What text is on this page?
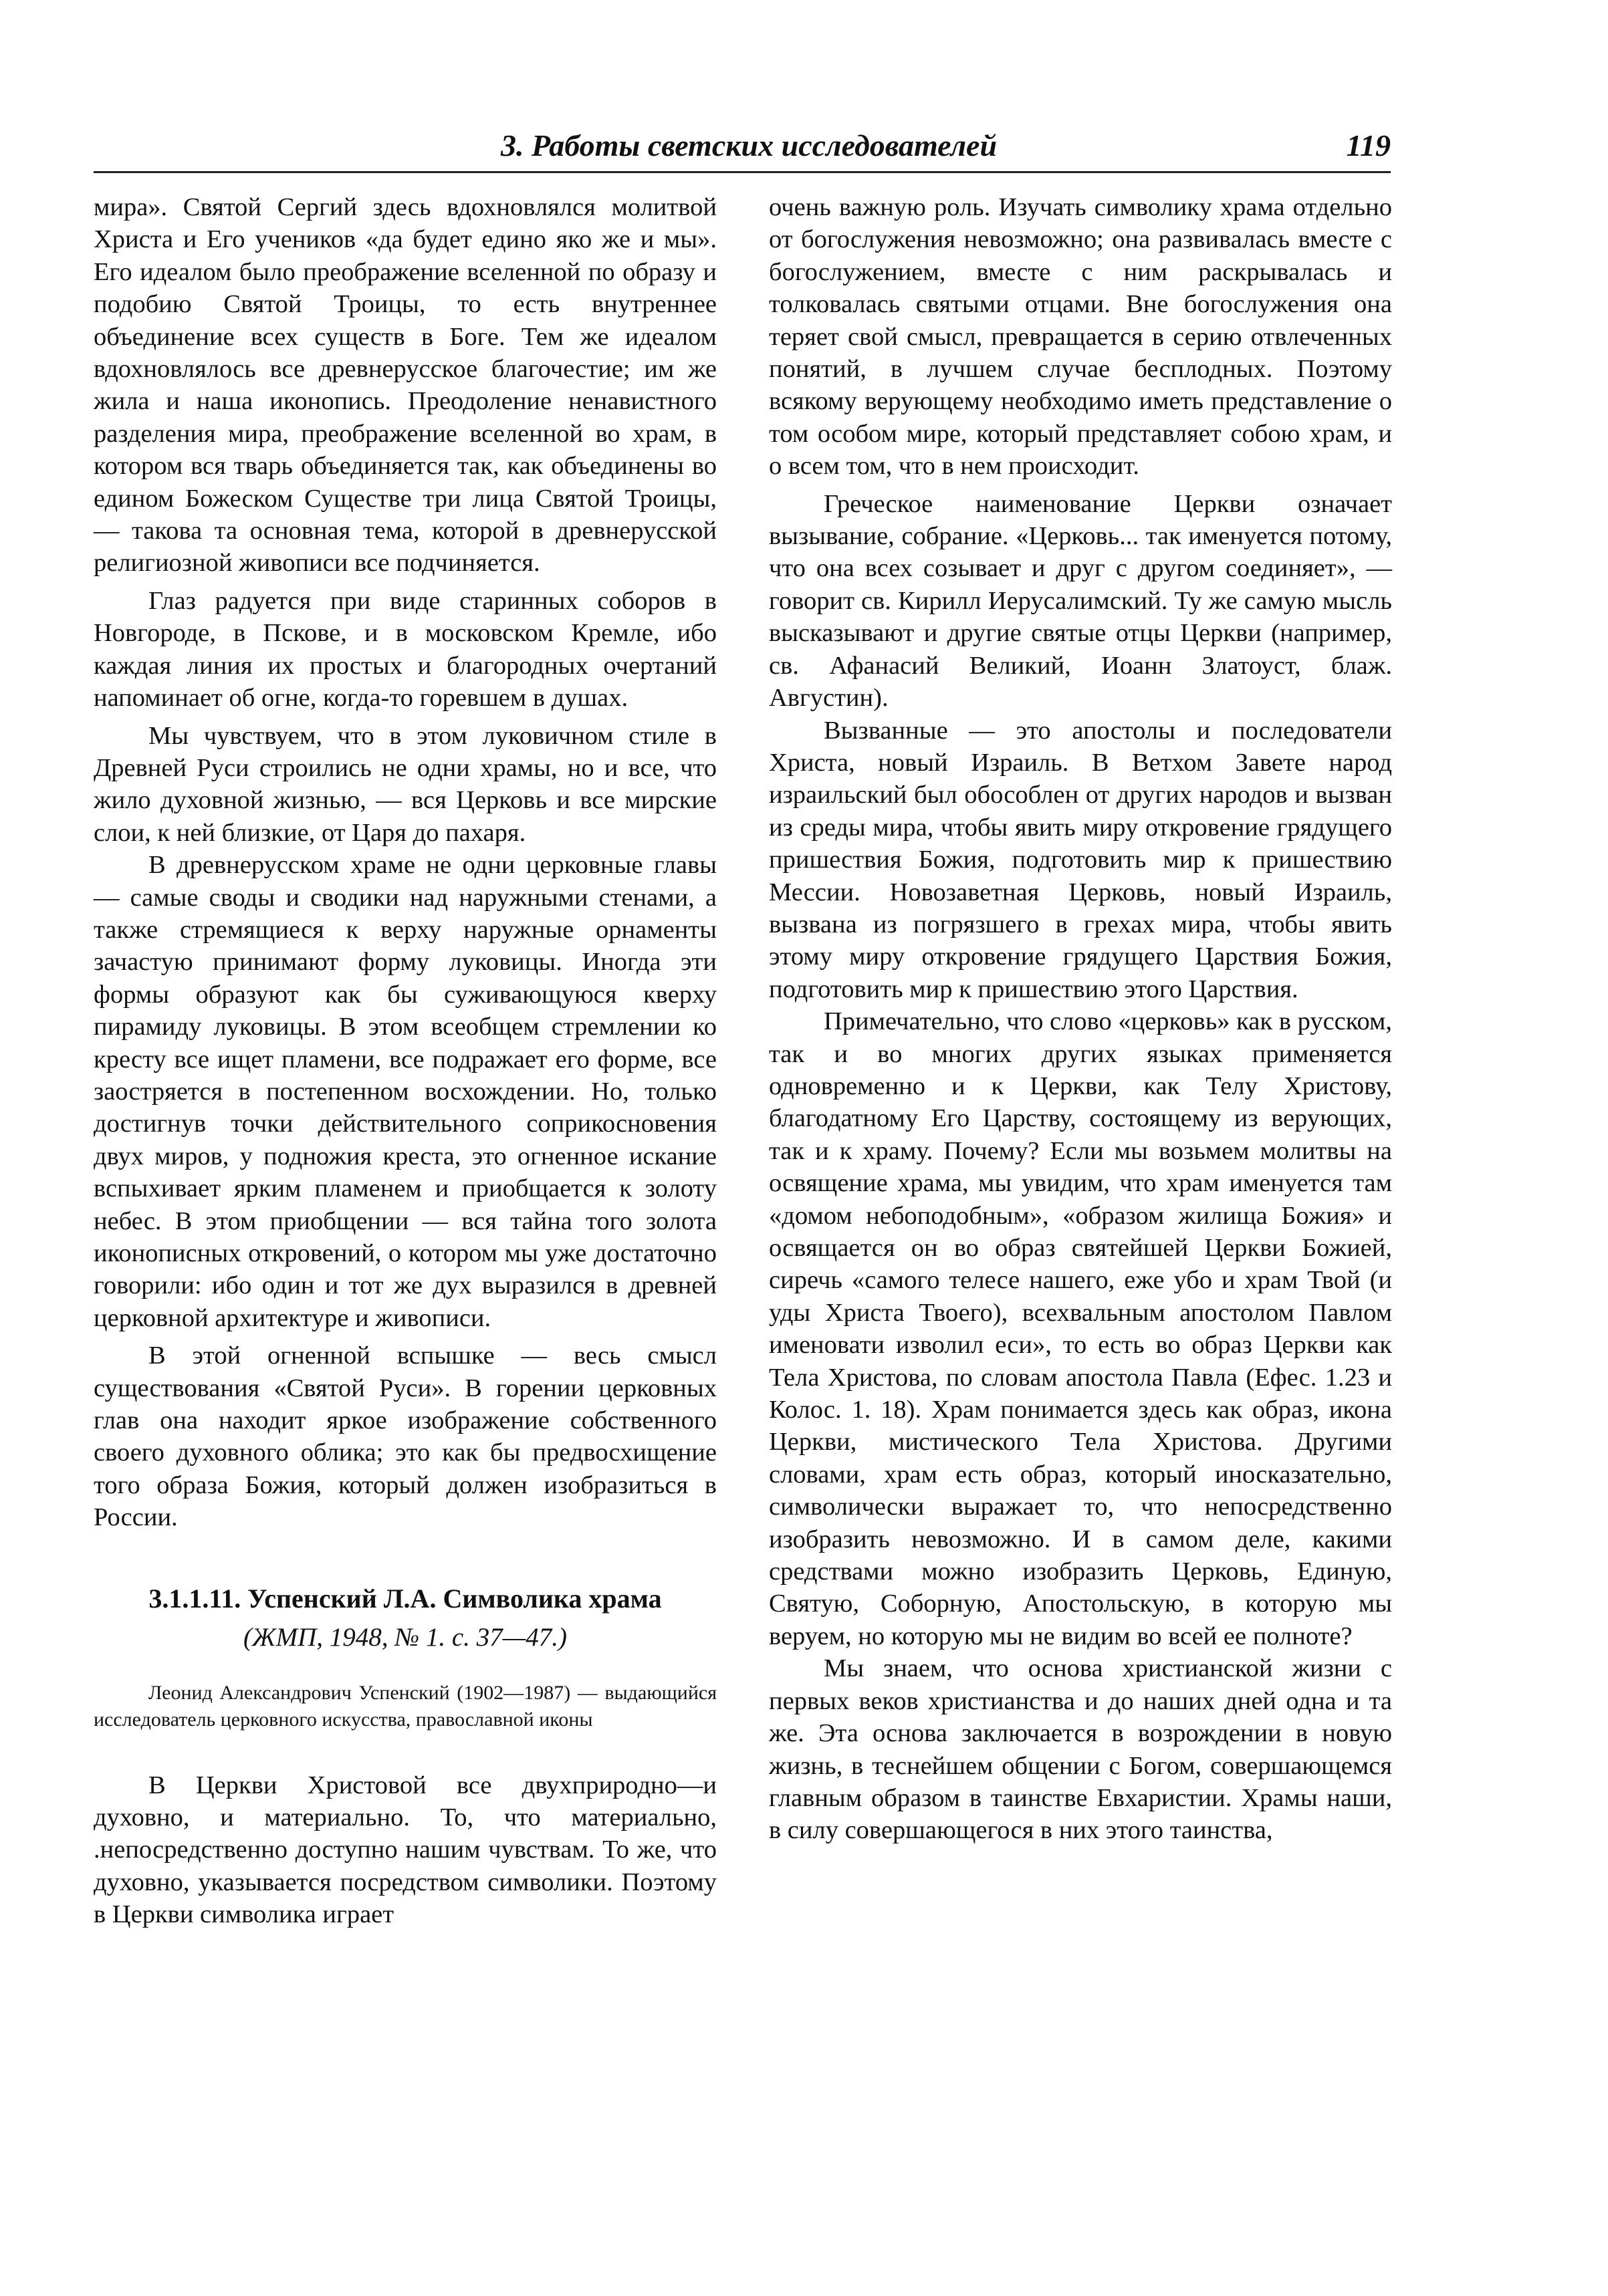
3. Работы светских исследователей	119

мира». Святой Сергий здесь вдохновлялся молитвой Христа и Его учеников «да будет едино яко же и мы». Его идеалом было преображение вселенной по образу и подобию Святой Троицы, то есть внутреннее объединение всех существ в Боге. Тем же идеалом вдохновлялось все древнерусское благочестие; им же жила и наша иконопись. Преодоление ненавистного разделения мира, преображение вселенной во храм, в котором вся тварь объединяется так, как объединены во едином Божеском Существе три лица Святой Троицы, — такова та основная тема, которой в древнерусской религиозной живописи все подчиняется.

Глаз радуется при виде старинных соборов в Новгороде, в Пскове, и в московском Кремле, ибо каждая линия их простых и благородных очертаний напоминает об огне, когда-то горевшем в душах.

Мы чувствуем, что в этом луковичном стиле в Древней Руси строились не одни храмы, но и все, что жило духовной жизнью, — вся Церковь и все мирские слои, к ней близкие, от Царя до пахаря.

В древнерусском храме не одни церковные главы — самые своды и сводики над наружными стенами, а также стремящиеся к верху наружные орнаменты зачастую принимают форму луковицы. Иногда эти формы образуют как бы суживающуюся кверху пирамиду луковицы. В этом всеобщем стремлении ко кресту все ищет пламени, все подражает его форме, все заостряется в постепенном восхождении. Но, только достигнув точки действительного соприкосновения двух миров, у подножия креста, это огненное искание вспыхивает ярким пламенем и приобщается к золоту небес. В этом приобщении — вся тайна того золота иконописных откровений, о котором мы уже достаточно говорили: ибо один и тот же дух выразился в древней церковной архитектуре и живописи.

В этой огненной вспышке — весь смысл существования «Святой Руси». В горении церковных глав она находит яркое изображение собственного своего духовного облика; это как бы предвосхищение того образа Божия, который должен изобразиться в России.

3.1.1.11. Успенский Л.А. Символика храма
(ЖМП, 1948, № 1. с. 37—47.)

Леонид Александрович Успенский (1902—1987) — выдающийся исследователь церковного искусства, православной иконы

В Церкви Христовой все двухприродно—и духовно, и материально. То, что материально, .непосредственно доступно нашим чувствам. То же, что духовно, указывается посредством символики. Поэтому в Церкви символика играет

очень важную роль. Изучать символику храма отдельно от богослужения невозможно; она развивалась вместе с богослужением, вместе с ним раскрывалась и толковалась святыми отцами. Вне богослужения она теряет свой смысл, превращается в серию отвлеченных понятий, в лучшем случае бесплодных. Поэтому всякому верующему необходимо иметь представление о том особом мире, который представляет собою храм, и о всем том, что в нем происходит.

Греческое наименование Церкви означает вызывание, собрание. «Церковь... так именуется потому, что она всех созывает и друг с другом соединяет», — говорит св. Кирилл Иерусалимский. Ту же самую мысль высказывают и другие святые отцы Церкви (например, св. Афанасий Великий, Иоанн Златоуст, блаж. Августин).

Вызванные — это апостолы и последователи Христа, новый Израиль. В Ветхом Завете народ израильский был обособлен от других народов и вызван из среды мира, чтобы явить миру откровение грядущего пришествия Божия, подготовить мир к пришествию Мессии. Новозаветная Церковь, новый Израиль, вызвана из погрязшего в грехах мира, чтобы явить этому миру откровение грядущего Царствия Божия, подготовить мир к пришествию этого Царствия.

Примечательно, что слово «церковь» как в русском, так и во многих других языках применяется одновременно и к Церкви, как Телу Христову, благодатному Его Царству, состоящему из верующих, так и к храму. Почему? Если мы возьмем молитвы на освящение храма, мы увидим, что храм именуется там «домом небоподобным», «образом жилища Божия» и освящается он во образ святейшей Церкви Божией, сиречь «самого телесе нашего, еже убо и храм Твой (и уды Христа Твоего), всехвальным апостолом Павлом именовати изволил еси», то есть во образ Церкви как Тела Христова, по словам апостола Павла (Ефес. 1.23 и Колос. 1. 18). Храм понимается здесь как образ, икона Церкви, мистического Тела Христова. Другими словами, храм есть образ, который иносказательно, символически выражает то, что непосредственно изобразить невозможно. И в самом деле, какими средствами можно изобразить Церковь, Единую, Святую, Соборную, Апостольскую, в которую мы веруем, но которую мы не видим во всей ее полноте?

Мы знаем, что основа христианской жизни с первых веков христианства и до наших дней одна и та же. Эта основа заключается в возрождении в новую жизнь, в теснейшем общении с Богом, совершающемся главным образом в таинстве Евхаристии. Храмы наши, в силу совершающегося в них этого таинства,
